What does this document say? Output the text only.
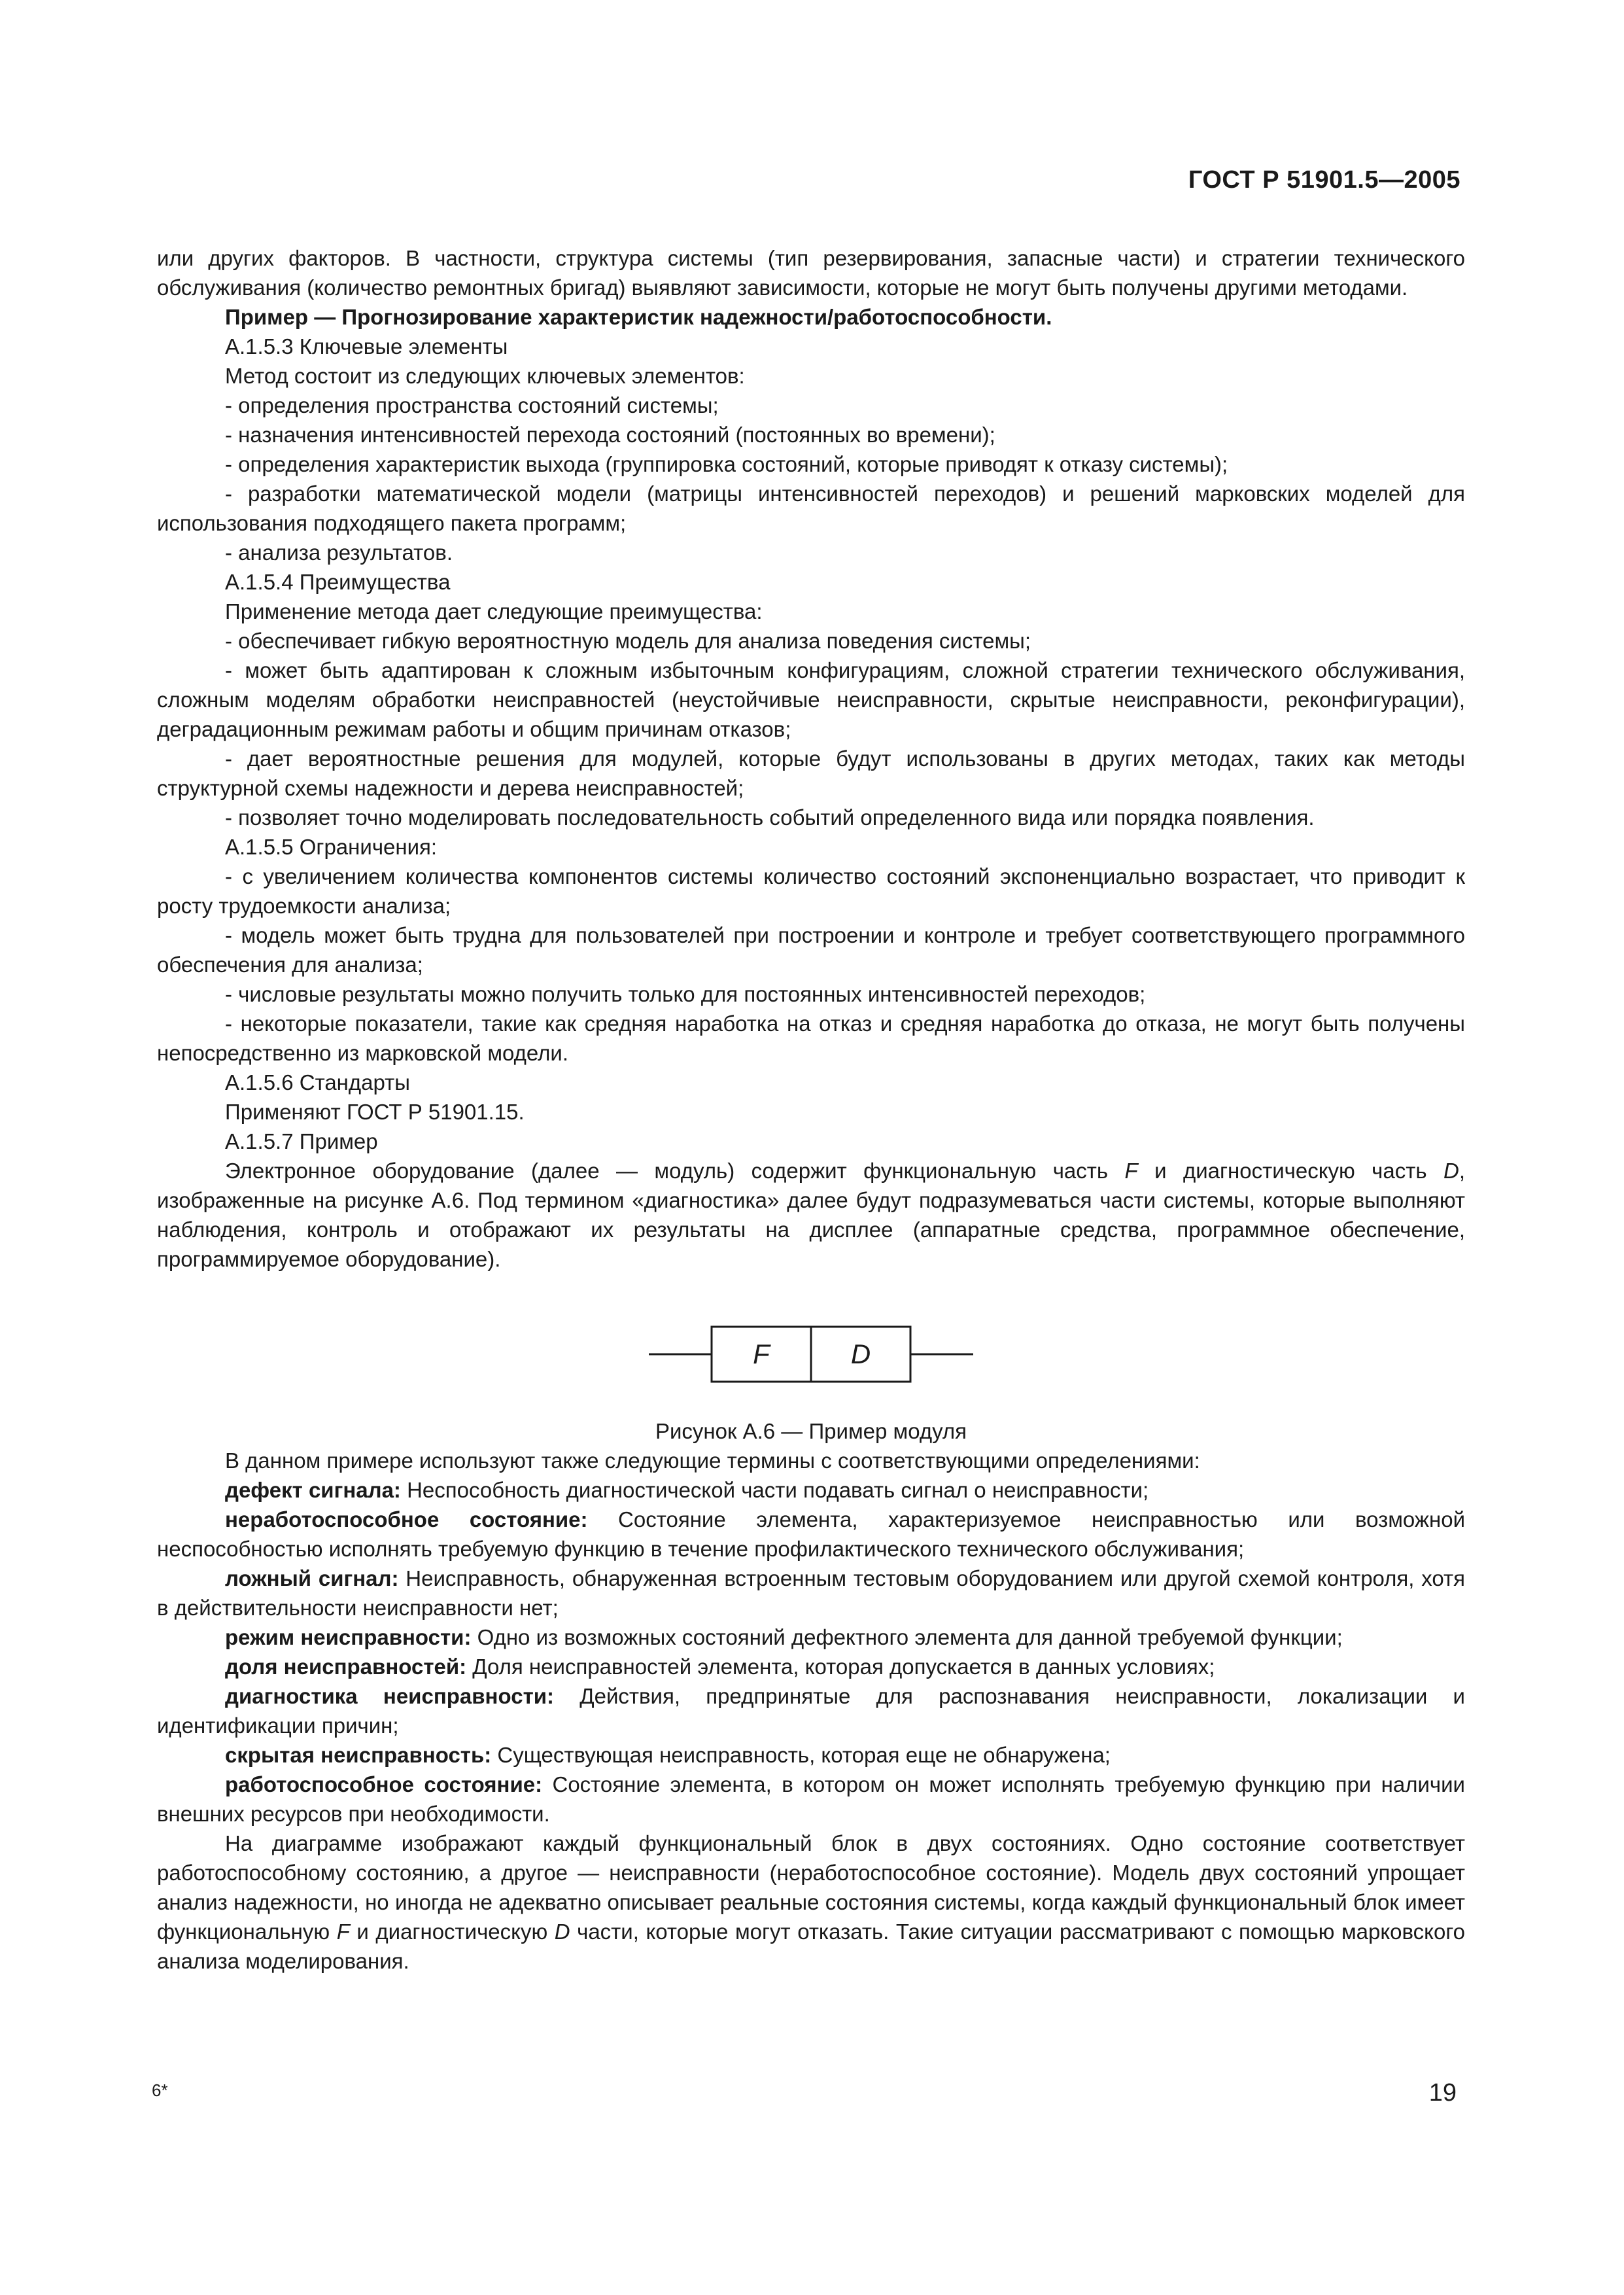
ГОСТ Р 51901.5—2005

или других факторов. В частности, структура системы (тип резервирования, запасные части) и стратегии технического обслуживания (количество ремонтных бригад) выявляют зависимости, которые не могут быть получены другими методами.

Пример — Прогнозирование характеристик надежности/работоспособности.

А.1.5.3 Ключевые элементы

Метод состоит из следующих ключевых элементов:

- определения пространства состояний системы;

- назначения интенсивностей перехода состояний (постоянных во времени);

- определения характеристик выхода (группировка состояний, которые приводят к отказу системы);

- разработки математической модели (матрицы интенсивностей переходов) и решений марковских моделей для использования подходящего пакета программ;

- анализа результатов.

А.1.5.4 Преимущества

Применение метода дает следующие преимущества:

- обеспечивает гибкую вероятностную модель для анализа поведения системы;

- может быть адаптирован к сложным избыточным конфигурациям, сложной стратегии технического обслуживания, сложным моделям обработки неисправностей (неустойчивые неисправности, скрытые неисправности, реконфигурации), деградационным режимам работы и общим причинам отказов;

- дает вероятностные решения для модулей, которые будут использованы в других методах, таких как методы структурной схемы надежности и дерева неисправностей;

- позволяет точно моделировать последовательность событий определенного вида или порядка появления.

А.1.5.5 Ограничения:

- с увеличением количества компонентов системы количество состояний экспоненциально возрастает, что приводит к росту трудоемкости анализа;

- модель может быть трудна для пользователей при построении и контроле и требует соответствующего программного обеспечения для анализа;

- числовые результаты можно получить только для постоянных интенсивностей переходов;

- некоторые показатели, такие как средняя наработка на отказ и средняя наработка до отказа, не могут быть получены непосредственно из марковской модели.

А.1.5.6 Стандарты

Применяют ГОСТ Р 51901.15.

А.1.5.7 Пример

Электронное оборудование (далее — модуль) содержит функциональную часть F и диагностическую часть D, изображенные на рисунке А.6. Под термином «диагностика» далее будут подразумеваться части системы, которые выполняют наблюдения, контроль и отображают их результаты на дисплее (аппаратные средства, программное обеспечение, программируемое оборудование).

F	D

Рисунок А.6 — Пример модуля

В данном примере используют также следующие термины с соответствующими определениями:

дефект сигнала: Неспособность диагностической части подавать сигнал о неисправности;

неработоспособное состояние: Состояние элемента, характеризуемое неисправностью или возможной неспособностью исполнять требуемую функцию в течение профилактического технического обслуживания;

ложный сигнал: Неисправность, обнаруженная встроенным тестовым оборудованием или другой схемой контроля, хотя в действительности неисправности нет;

режим неисправности: Одно из возможных состояний дефектного элемента для данной требуемой функции;

доля неисправностей: Доля неисправностей элемента, которая допускается в данных условиях;

диагностика неисправности: Действия, предпринятые для распознавания неисправности, локализации и идентификации причин;

скрытая неисправность: Существующая неисправность, которая еще не обнаружена;

работоспособное состояние: Состояние элемента, в котором он может исполнять требуемую функцию при наличии внешних ресурсов при необходимости.

На диаграмме изображают каждый функциональный блок в двух состояниях. Одно состояние соответствует работоспособному состоянию, а другое — неисправности (неработоспособное состояние). Модель двух состояний упрощает анализ надежности, но иногда не адекватно описывает реальные состояния системы, когда каждый функциональный блок имеет функциональную F и диагностическую D части, которые могут отказать. Такие ситуации рассматривают с помощью марковского анализа моделирования.

6*	19
